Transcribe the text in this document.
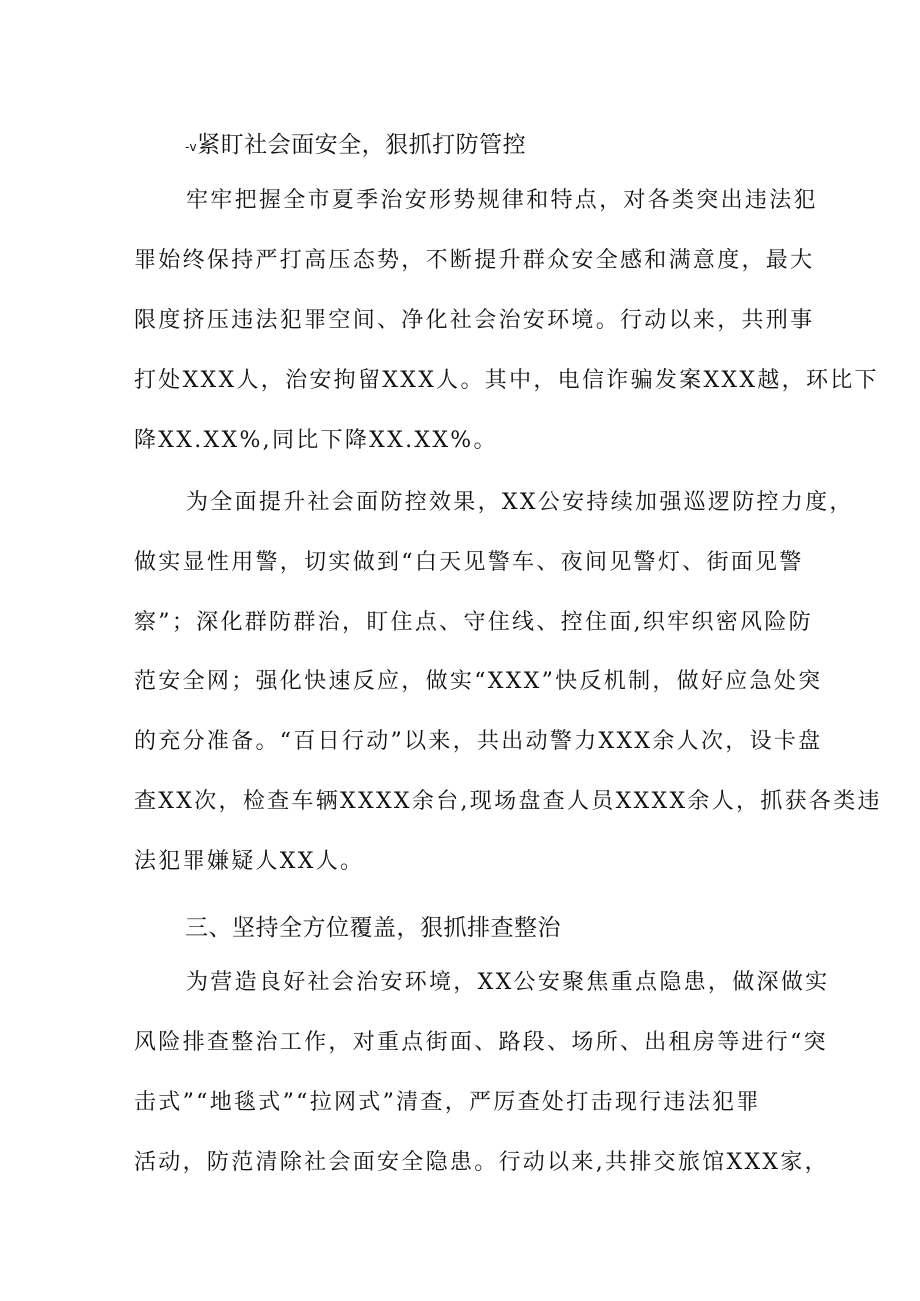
-v紧盯社会面安全，狠抓打防管控

牢牢把握全市夏季治安形势规律和特点，对各类突出违法犯

罪始终保持严打高压态势，不断提升群众安全感和满意度，最大

限度挤压违法犯罪空间、净化社会治安环境。行动以来，共刑事

打处XXX人，治安拘留XXX人。其中，电信诈骗发案XXX越，环比下

降XX.XX%,同比下降XX.XX%。

为全面提升社会面防控效果，XX公安持续加强巡逻防控力度，

做实显性用警，切实做到“白天见警车、夜间见警灯、街面见警

察”；深化群防群治，盯住点、守住线、控住面,织牢织密风险防

范安全网；强化快速反应，做实“XXX”快反机制，做好应急处突

的充分准备。“百日行动”以来，共出动警力XXX余人次，设卡盘

查XX次，检查车辆XXXX余台,现场盘查人员XXXX余人，抓获各类违

法犯罪嫌疑人XX人。

三、坚持全方位覆盖，狠抓排查整治

为营造良好社会治安环境，XX公安聚焦重点隐患，做深做实

风险排查整治工作，对重点街面、路段、场所、出租房等进行“突

击式”“地毯式”“拉网式”清查，严厉查处打击现行违法犯罪

活动，防范清除社会面安全隐患。行动以来,共排交旅馆XXX家，
